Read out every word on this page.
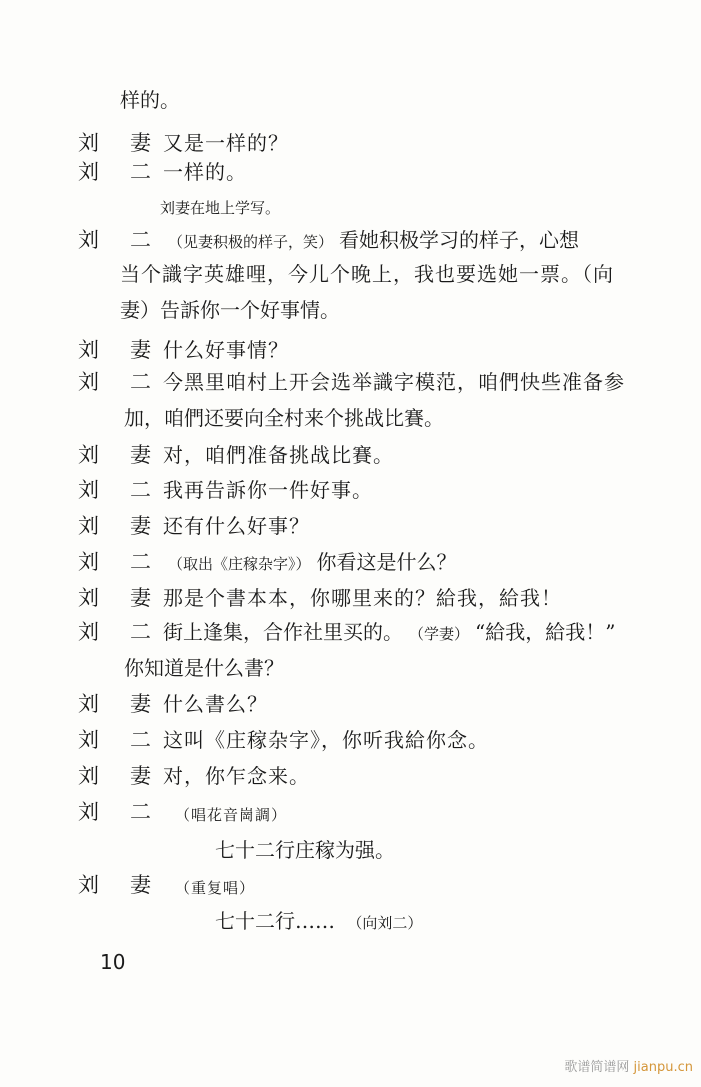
样的。
刘 妻 又是一样的？
刘 二 一样的。
刘妻在地上学写。
刘 二 （见妻积极的样子，笑） 看她积极学习的样子，心想
当个識字英雄哩，今儿个晚上，我也要选她一票。（向
妻）告訴你一个好事情。
刘 妻 什么好事情？
刘 二 今黑里咱村上开会选举識字模范，咱們快些准备参
加，咱們还要向全村来个挑战比賽。
刘 妻 对，咱們准备挑战比賽。
刘 二 我再告訴你一件好事。
刘 妻 还有什么好事？
刘 二 （取出《庄稼杂字》） 你看这是什么？
刘 妻 那是个書本本，你哪里来的？給我，給我！
刘 二 街上逢集，合作社里买的。 （学妻） “給我，給我！”
你知道是什么書？
刘 妻 什么書么？
刘 二 这叫《庄稼杂字》，你听我給你念。
刘 妻 对，你乍念来。
刘 二 （唱花音崗調）
七十二行庄稼为强。
刘 妻 （重复唱）
七十二行…… （向刘二）
10
歌谱简谱网 jianpu.cn
